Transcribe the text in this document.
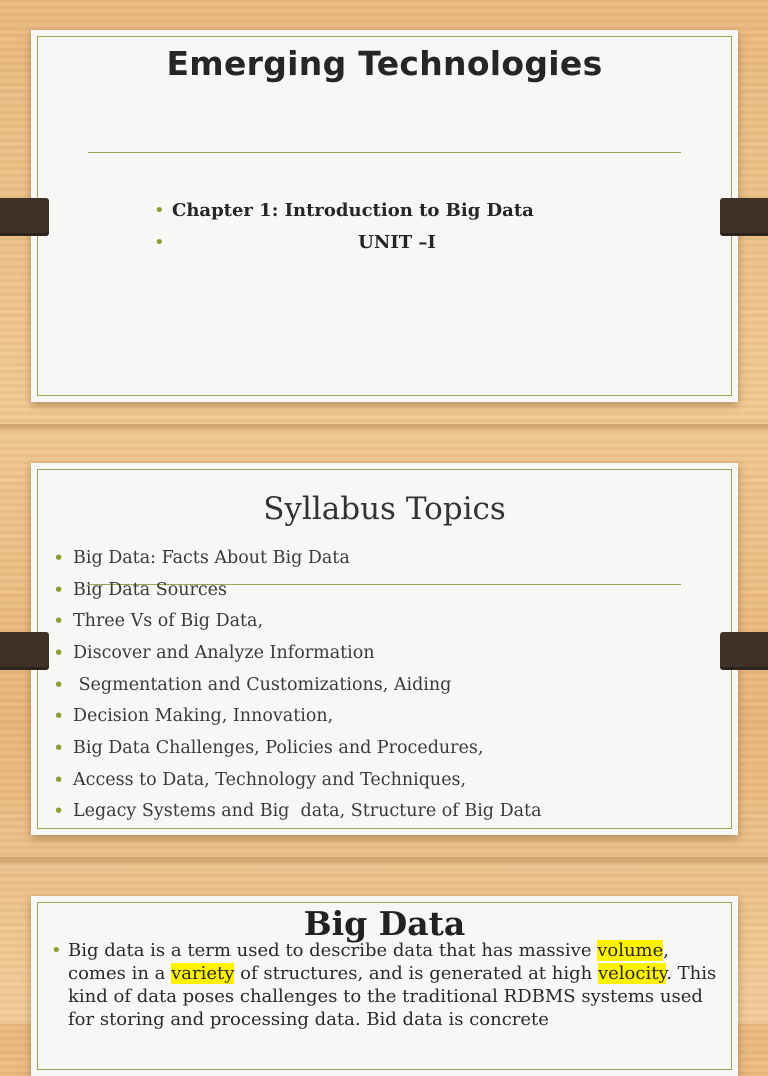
Emerging Technologies
• Chapter 1: Introduction to Big Data
•	UNIT –I
Syllabus Topics
• Big Data: Facts About Big Data
• Big Data Sources
• Three Vs of Big Data,
• Discover and Analyze Information
• Segmentation and Customizations, Aiding
• Decision Making, Innovation,
• Big Data Challenges, Policies and Procedures,
• Access to Data, Technology and Techniques,
• Legacy Systems and Big  data, Structure of Big Data
Big Data
• Big data is a term used to describe data that has massive volume, comes in a variety of structures, and is generated at high velocity. This kind of data poses challenges to the traditional RDBMS systems used for storing and processing data. Bid data is concrete
